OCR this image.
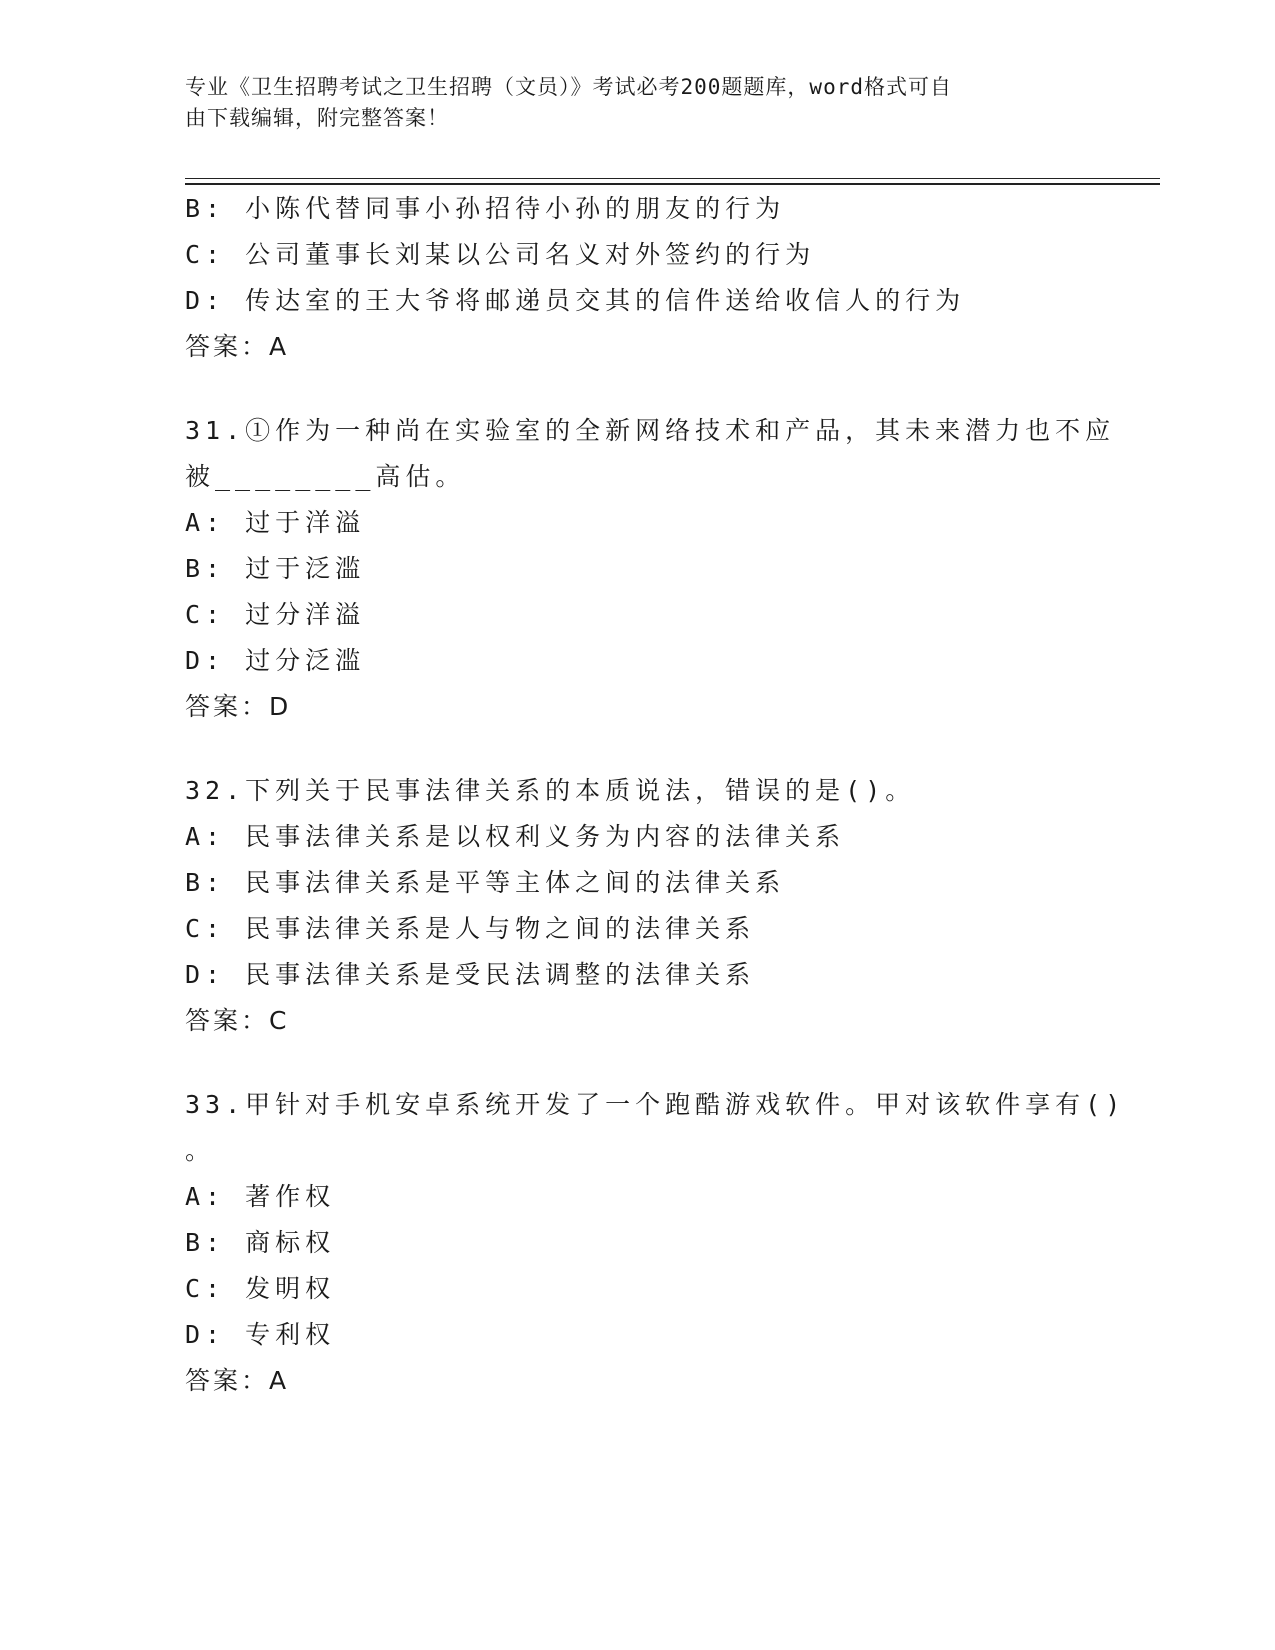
专业《卫生招聘考试之卫生招聘（文员）》考试必考200题题库，word格式可自
由下载编辑，附完整答案！
B: 小陈代替同事小孙招待小孙的朋友的行为
C: 公司董事长刘某以公司名义对外签约的行为
D: 传达室的王大爷将邮递员交其的信件送给收信人的行为
答案：A
31.①作为一种尚在实验室的全新网络技术和产品，其未来潜力也不应
被________高估。
A: 过于洋溢
B: 过于泛滥
C: 过分洋溢
D: 过分泛滥
答案：D
32.下列关于民事法律关系的本质说法，错误的是()。
A: 民事法律关系是以权利义务为内容的法律关系
B: 民事法律关系是平等主体之间的法律关系
C: 民事法律关系是人与物之间的法律关系
D: 民事法律关系是受民法调整的法律关系
答案：C
33.甲针对手机安卓系统开发了一个跑酷游戏软件。甲对该软件享有()
。
A: 著作权
B: 商标权
C: 发明权
D: 专利权
答案：A
